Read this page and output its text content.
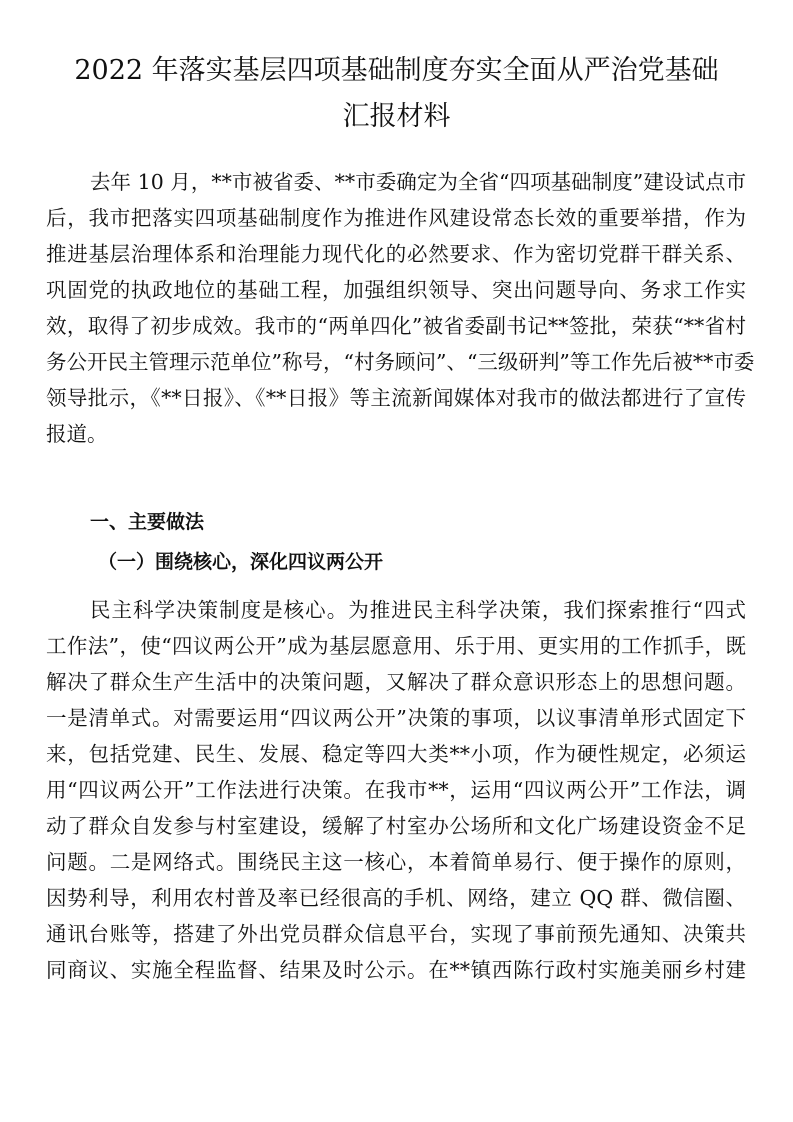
2022 年落实基层四项基础制度夯实全面从严治党基础
汇报材料
去年 10 月，**市被省委、**市委确定为全省“四项基础制度”建设试点市
后，我市把落实四项基础制度作为推进作风建设常态长效的重要举措，作为
推进基层治理体系和治理能力现代化的必然要求、作为密切党群干群关系、
巩固党的执政地位的基础工程，加强组织领导、突出问题导向、务求工作实
效，取得了初步成效。我市的“两单四化”被省委副书记**签批，荣获“**省村
务公开民主管理示范单位”称号，“村务顾问”、“三级研判”等工作先后被**市委
领导批示，《**日报》、《**日报》等主流新闻媒体对我市的做法都进行了宣传
报道。
一、主要做法
（一）围绕核心，深化四议两公开
民主科学决策制度是核心。为推进民主科学决策，我们探索推行“四式
工作法”，使“四议两公开”成为基层愿意用、乐于用、更实用的工作抓手，既
解决了群众生产生活中的决策问题，又解决了群众意识形态上的思想问题。
一是清单式。对需要运用“四议两公开”决策的事项，以议事清单形式固定下
来，包括党建、民生、发展、稳定等四大类**小项，作为硬性规定，必须运
用“四议两公开”工作法进行决策。在我市**，运用“四议两公开”工作法，调
动了群众自发参与村室建设，缓解了村室办公场所和文化广场建设资金不足
问题。二是网络式。围绕民主这一核心，本着简单易行、便于操作的原则，
因势利导，利用农村普及率已经很高的手机、网络，建立 QQ 群、微信圈、
通讯台账等，搭建了外出党员群众信息平台，实现了事前预先通知、决策共
同商议、实施全程监督、结果及时公示。在**镇西陈行政村实施美丽乡村建
